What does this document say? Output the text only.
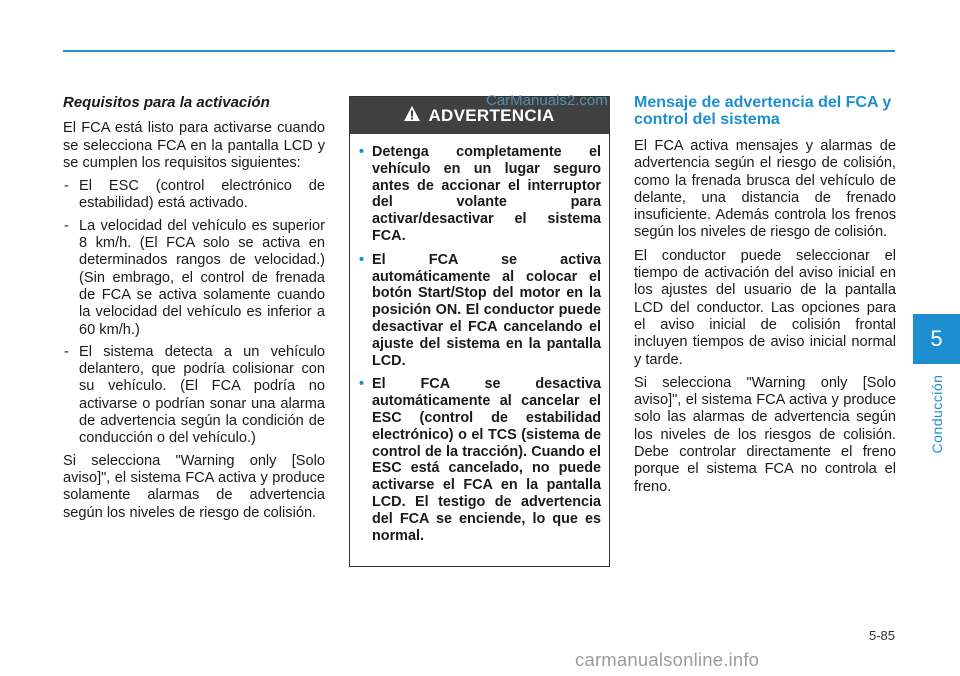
5
Conducción
Requisitos para la activación

El FCA está listo para activarse cuando se selecciona FCA en la pantalla LCD y se cumplen los requisitos siguientes:

- El ESC (control electrónico de estabilidad) está activado.
- La velocidad del vehículo es superior 8 km/h. (El FCA solo se activa en determinados rangos de velocidad.) (Sin embrago, el control de frenada de FCA se activa solamente cuando la velocidad del vehículo es inferior a 60 km/h.)
- El sistema detecta a un vehículo delantero, que podría colisionar con su vehículo. (El FCA podría no activarse o podrían sonar una alarma de advertencia según la condición de conducción o del vehículo.)

Si selecciona "Warning only [Solo aviso]", el sistema FCA activa y produce solamente alarmas de advertencia según los niveles de riesgo de colisión.

ADVERTENCIA
• Detenga completamente el vehículo en un lugar seguro antes de accionar el interruptor del volante para activar/desactivar el sistema FCA.
• El FCA se activa automáticamente al colocar el botón Start/Stop del motor en la posición ON. El conductor puede desactivar el FCA cancelando el ajuste del sistema en la pantalla LCD.
• El FCA se desactiva automáticamente al cancelar el ESC (control de estabilidad electrónico) o el TCS (sistema de control de la tracción). Cuando el ESC está cancelado, no puede activarse el FCA en la pantalla LCD. El testigo de advertencia del FCA se enciende, lo que es normal.
Mensaje de advertencia del FCA y control del sistema

El FCA activa mensajes y alarmas de advertencia según el riesgo de colisión, como la frenada brusca del vehículo de delante, una distancia de frenado insuficiente. Además controla los frenos según los niveles de riesgo de colisión.

El conductor puede seleccionar el tiempo de activación del aviso inicial en los ajustes del usuario de la pantalla LCD del conductor. Las opciones para el aviso inicial de colisión frontal incluyen tiempos de aviso inicial normal y tarde.

Si selecciona "Warning only [Solo aviso]", el sistema FCA activa y produce solo las alarmas de advertencia según los niveles de los riesgos de colisión. Debe controlar directamente el freno porque el sistema FCA no controla el freno.

5-85
CarManuals2.com
carmanualsonline.info
